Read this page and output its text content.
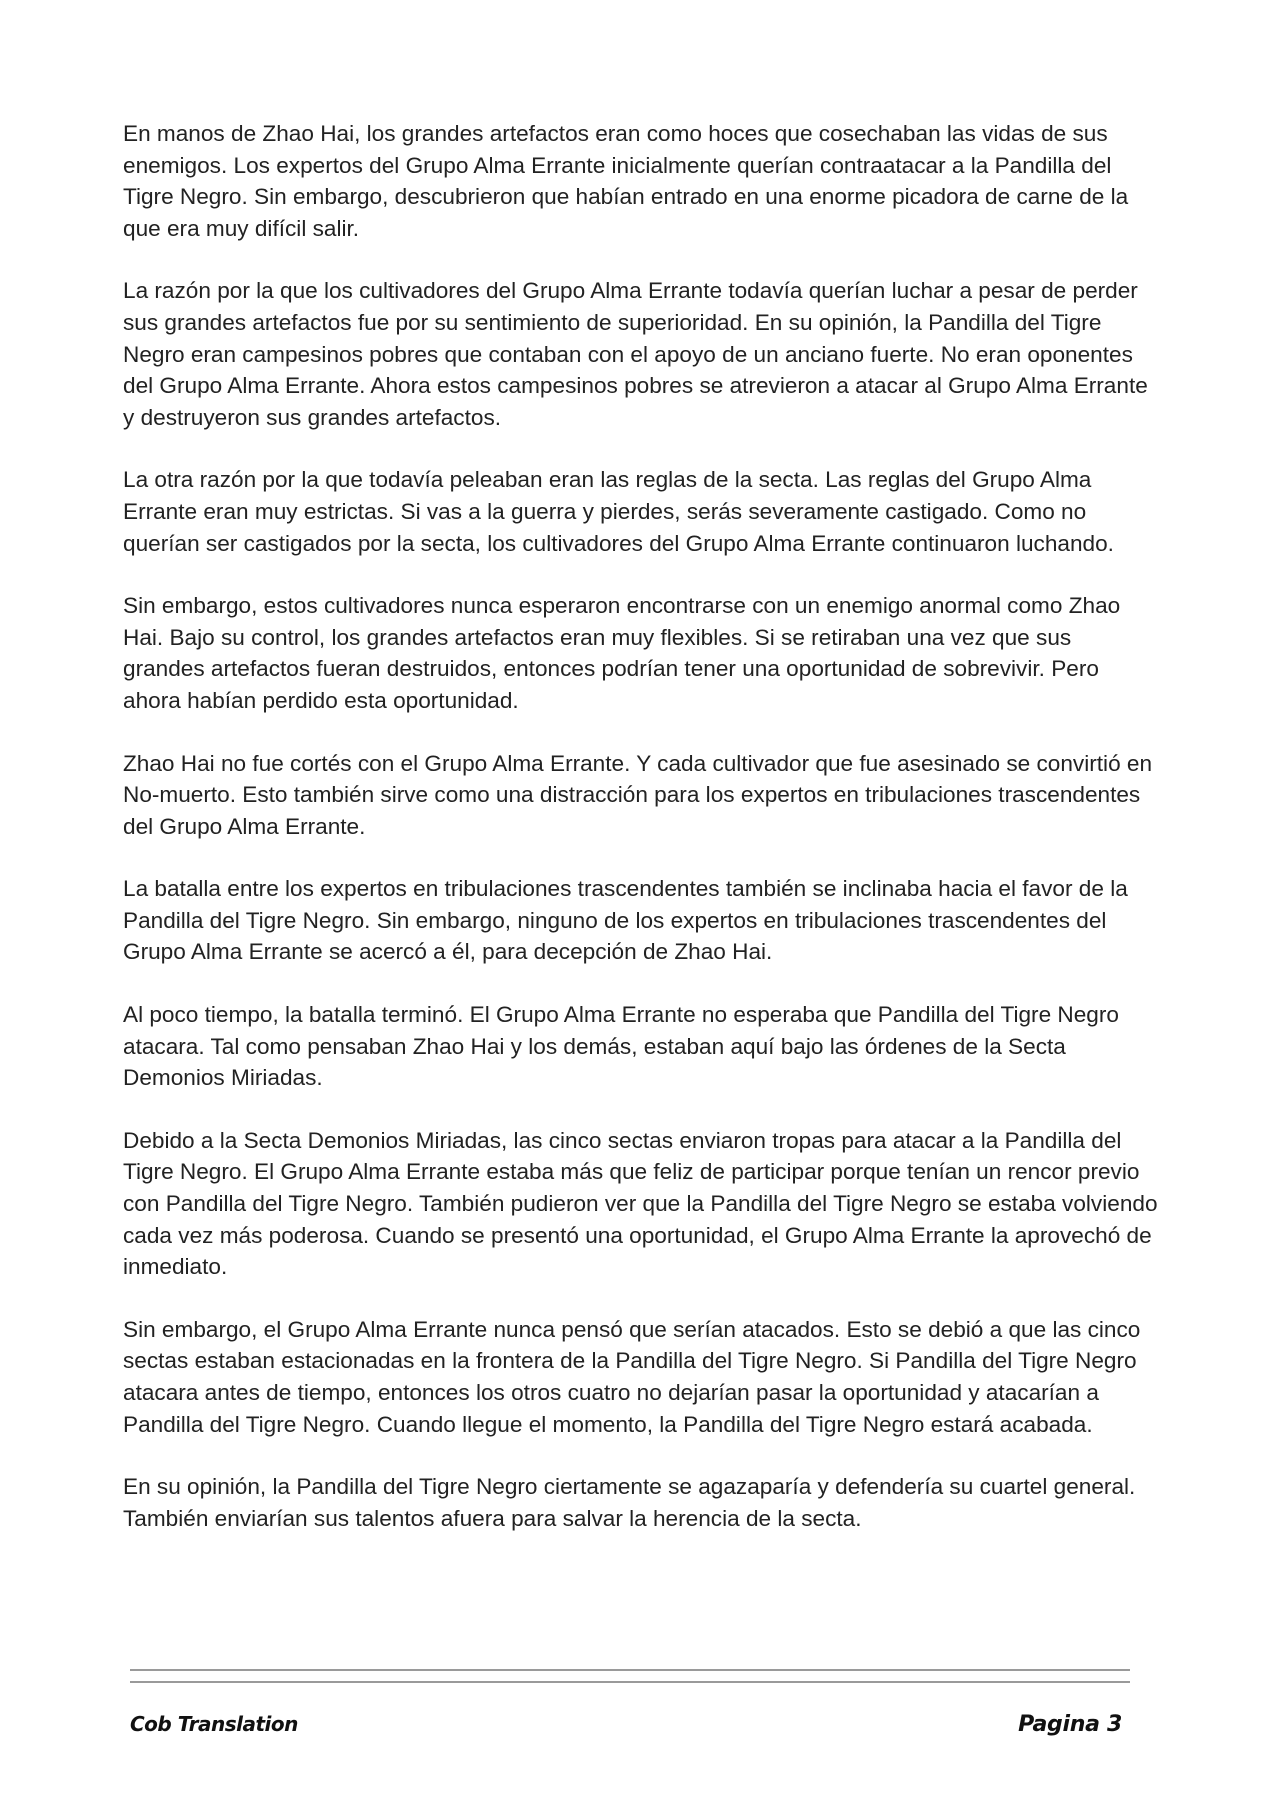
En manos de Zhao Hai, los grandes artefactos eran como hoces que cosechaban las vidas de sus enemigos. Los expertos del Grupo Alma Errante inicialmente querían contraatacar a la Pandilla del Tigre Negro. Sin embargo, descubrieron que habían entrado en una enorme picadora de carne de la que era muy difícil salir.

La razón por la que los cultivadores del Grupo Alma Errante todavía querían luchar a pesar de perder sus grandes artefactos fue por su sentimiento de superioridad. En su opinión, la Pandilla del Tigre Negro eran campesinos pobres que contaban con el apoyo de un anciano fuerte. No eran oponentes del Grupo Alma Errante. Ahora estos campesinos pobres se atrevieron a atacar al Grupo Alma Errante y destruyeron sus grandes artefactos.

La otra razón por la que todavía peleaban eran las reglas de la secta. Las reglas del Grupo Alma Errante eran muy estrictas. Si vas a la guerra y pierdes, serás severamente castigado. Como no querían ser castigados por la secta, los cultivadores del Grupo Alma Errante continuaron luchando.

Sin embargo, estos cultivadores nunca esperaron encontrarse con un enemigo anormal como Zhao Hai. Bajo su control, los grandes artefactos eran muy flexibles. Si se retiraban una vez que sus grandes artefactos fueran destruidos, entonces podrían tener una oportunidad de sobrevivir. Pero ahora habían perdido esta oportunidad.

Zhao Hai no fue cortés con el Grupo Alma Errante. Y cada cultivador que fue asesinado se convirtió en No-muerto. Esto también sirve como una distracción para los expertos en tribulaciones trascendentes del Grupo Alma Errante.

La batalla entre los expertos en tribulaciones trascendentes también se inclinaba hacia el favor de la Pandilla del Tigre Negro. Sin embargo, ninguno de los expertos en tribulaciones trascendentes del Grupo Alma Errante se acercó a él, para decepción de Zhao Hai.

Al poco tiempo, la batalla terminó. El Grupo Alma Errante no esperaba que Pandilla del Tigre Negro atacara. Tal como pensaban Zhao Hai y los demás, estaban aquí bajo las órdenes de la Secta Demonios Miriadas.

Debido a la Secta Demonios Miriadas, las cinco sectas enviaron tropas para atacar a la Pandilla del Tigre Negro. El Grupo Alma Errante estaba más que feliz de participar porque tenían un rencor previo con Pandilla del Tigre Negro. También pudieron ver que la Pandilla del Tigre Negro se estaba volviendo cada vez más poderosa. Cuando se presentó una oportunidad, el Grupo Alma Errante la aprovechó de inmediato.

Sin embargo, el Grupo Alma Errante nunca pensó que serían atacados. Esto se debió a que las cinco sectas estaban estacionadas en la frontera de la Pandilla del Tigre Negro. Si Pandilla del Tigre Negro atacara antes de tiempo, entonces los otros cuatro no dejarían pasar la oportunidad y atacarían a Pandilla del Tigre Negro. Cuando llegue el momento, la Pandilla del Tigre Negro estará acabada.

En su opinión, la Pandilla del Tigre Negro ciertamente se agazaparía y defendería su cuartel general. También enviarían sus talentos afuera para salvar la herencia de la secta.

Cob Translation	Pagina 3
